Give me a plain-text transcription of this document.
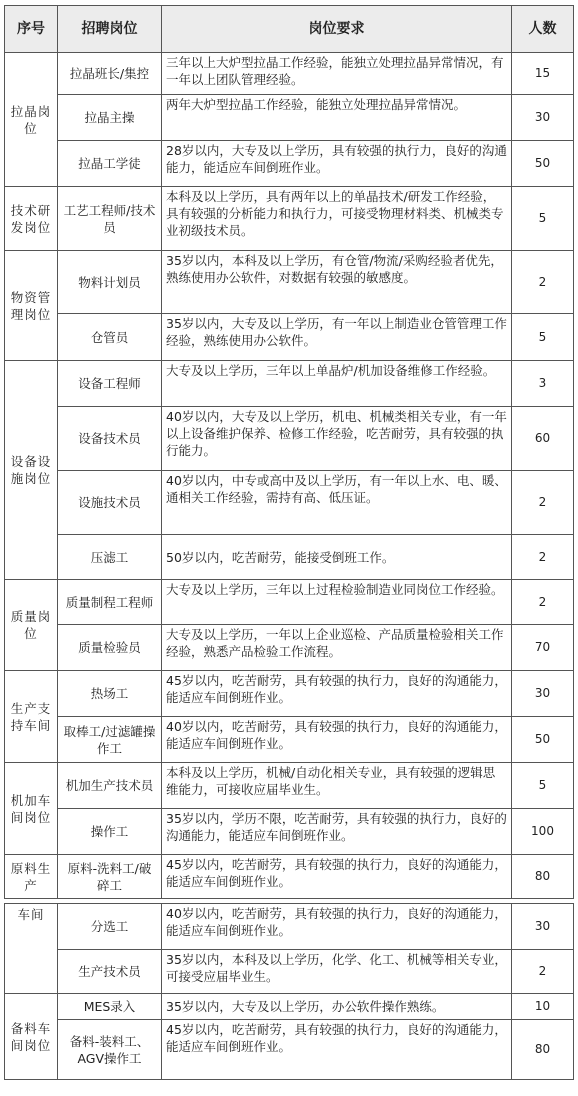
序号	招聘岗位	岗位要求	人数
拉晶岗位	拉晶班长/集控	三年以上大炉型拉晶工作经验，能独立处理拉晶异常情况，有一年以上团队管理经验。	15
	拉晶主操	两年大炉型拉晶工作经验，能独立处理拉晶异常情况。	30
	拉晶工学徒	28岁以内，大专及以上学历，具有较强的执行力，良好的沟通能力，能适应车间倒班作业。	50
技术研发岗位	工艺工程师/技术员	本科及以上学历，具有两年以上的单晶技术/研发工作经验，具有较强的分析能力和执行力，可接受物理材料类、机械类专业初级技术员。	5
物资管理岗位	物料计划员	35岁以内，本科及以上学历，有仓管/物流/采购经验者优先，熟练使用办公软件，对数据有较强的敏感度。	2
	仓管员	35岁以内，大专及以上学历，有一年以上制造业仓管管理工作经验，熟练使用办公软件。	5
设备设施岗位	设备工程师	大专及以上学历，三年以上单晶炉/机加设备维修工作经验。	3
	设备技术员	40岁以内，大专及以上学历，机电、机械类相关专业，有一年以上设备维护保养、检修工作经验，吃苦耐劳，具有较强的执行能力。	60
	设施技术员	40岁以内，中专或高中及以上学历，有一年以上水、电、暖、通相关工作经验，需持有高、低压证。	2
	压滤工	50岁以内，吃苦耐劳，能接受倒班工作。	2
质量岗位	质量制程工程师	大专及以上学历，三年以上过程检验制造业同岗位工作经验。	2
	质量检验员	大专及以上学历，一年以上企业巡检、产品质量检验相关工作经验，熟悉产品检验工作流程。	70
生产支持车间	热场工	45岁以内，吃苦耐劳，具有较强的执行力，良好的沟通能力，能适应车间倒班作业。	30
	取棒工/过滤罐操作工	40岁以内，吃苦耐劳，具有较强的执行力，良好的沟通能力，能适应车间倒班作业。	50
机加车间岗位	机加生产技术员	本科及以上学历，机械/自动化相关专业，具有较强的逻辑思维能力，可接收应届毕业生。	5
	操作工	35岁以内，学历不限，吃苦耐劳，具有较强的执行力，良好的沟通能力，能适应车间倒班作业。	100
原料生产	原料-洗料工/破碎工	45岁以内，吃苦耐劳，具有较强的执行力，良好的沟通能力，能适应车间倒班作业。	80
车间	分选工	40岁以内，吃苦耐劳，具有较强的执行力，良好的沟通能力，能适应车间倒班作业。	30
	生产技术员	35岁以内，本科及以上学历，化学、化工、机械等相关专业，可接受应届毕业生。	2
备料车间岗位	MES录入	35岁以内，大专及以上学历，办公软件操作熟练。	10
	备料-装料工、AGV操作工	45岁以内，吃苦耐劳，具有较强的执行力，良好的沟通能力，能适应车间倒班作业。	80
